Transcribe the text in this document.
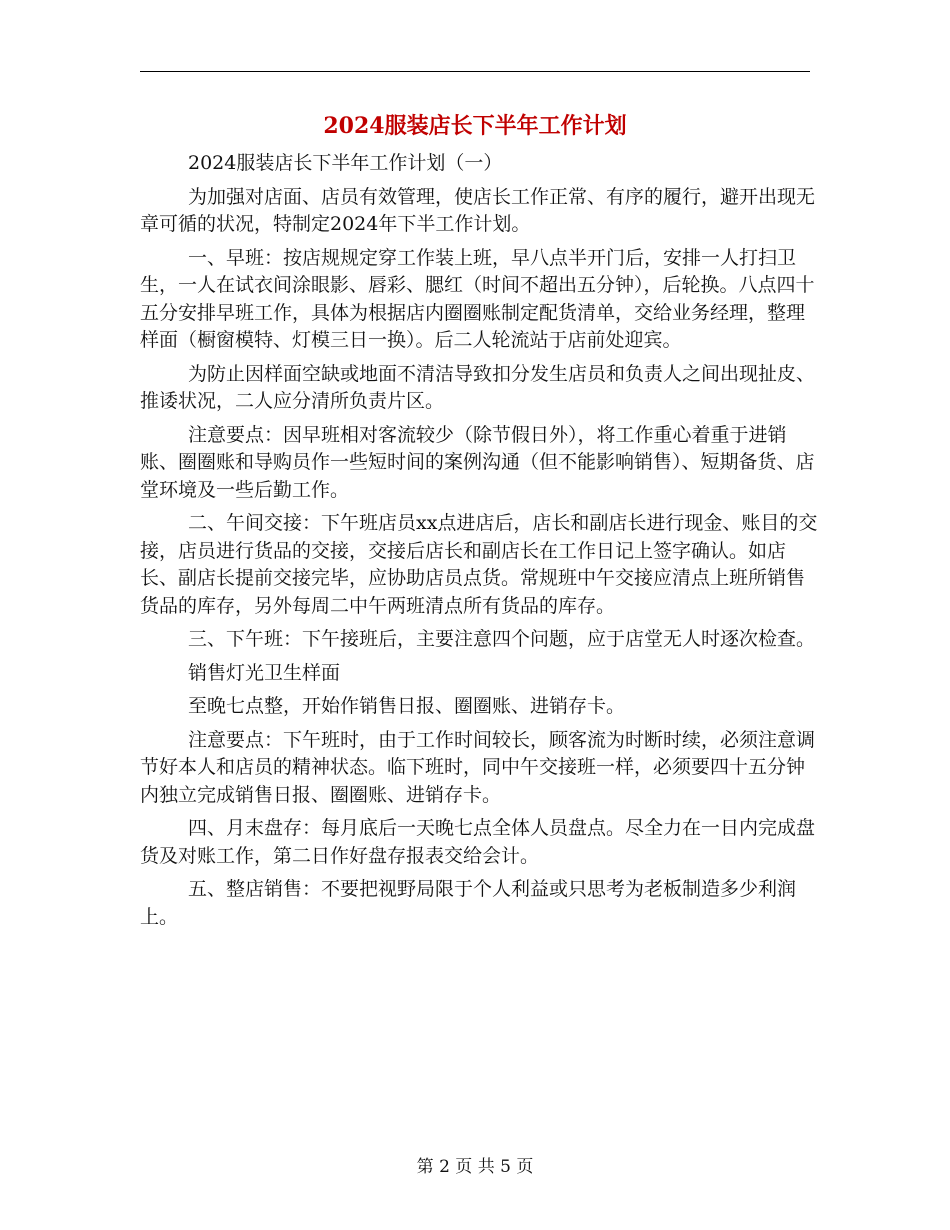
2024服装店长下半年工作计划

2024服装店长下半年工作计划（一）

为加强对店面、店员有效管理，使店长工作正常、有序的履行，避开出现无章可循的状况，特制定2024年下半工作计划。

一、早班：按店规规定穿工作装上班，早八点半开门后，安排一人打扫卫生，一人在试衣间涂眼影、唇彩、腮红（时间不超出五分钟），后轮换。八点四十五分安排早班工作，具体为根据店内圈圈账制定配货清单，交给业务经理，整理样面（橱窗模特、灯模三日一换）。后二人轮流站于店前处迎宾。

为防止因样面空缺或地面不清洁导致扣分发生店员和负责人之间出现扯皮、推诿状况，二人应分清所负责片区。

注意要点：因早班相对客流较少（除节假日外），将工作重心着重于进销账、圈圈账和导购员作一些短时间的案例沟通（但不能影响销售）、短期备货、店堂环境及一些后勤工作。

二、午间交接：下午班店员xx点进店后，店长和副店长进行现金、账目的交接，店员进行货品的交接，交接后店长和副店长在工作日记上签字确认。如店长、副店长提前交接完毕，应协助店员点货。常规班中午交接应清点上班所销售货品的库存，另外每周二中午两班清点所有货品的库存。

三、下午班：下午接班后，主要注意四个问题，应于店堂无人时逐次检查。

销售灯光卫生样面

至晚七点整，开始作销售日报、圈圈账、进销存卡。

注意要点：下午班时，由于工作时间较长，顾客流为时断时续，必须注意调节好本人和店员的精神状态。临下班时，同中午交接班一样，必须要四十五分钟内独立完成销售日报、圈圈账、进销存卡。

四、月末盘存：每月底后一天晚七点全体人员盘点。尽全力在一日内完成盘货及对账工作，第二日作好盘存报表交给会计。

五、整店销售：不要把视野局限于个人利益或只思考为老板制造多少利润上。

第 2 页 共 5 页
